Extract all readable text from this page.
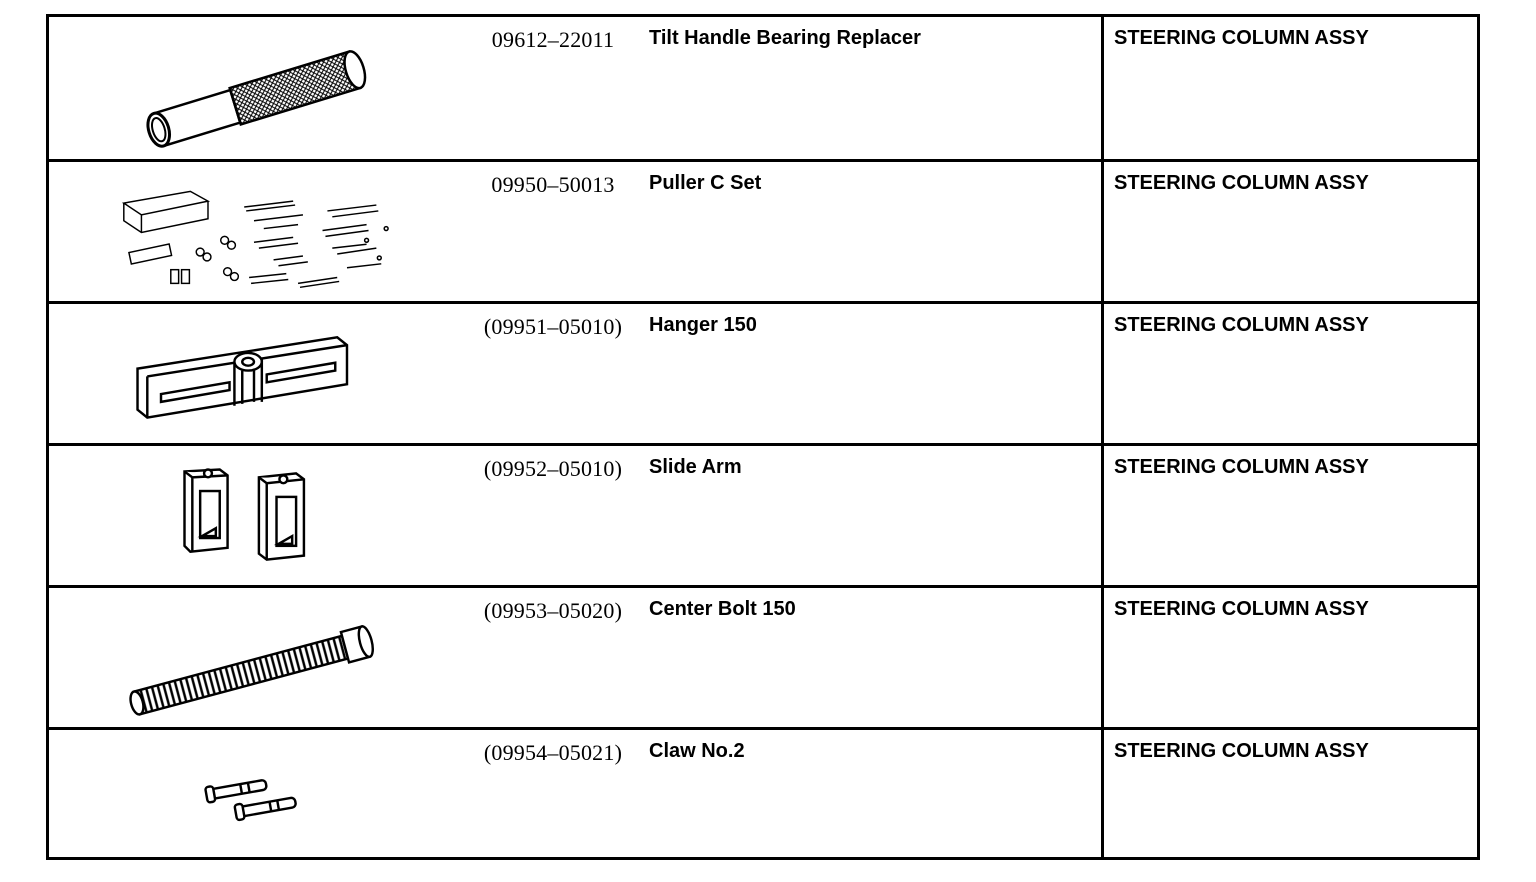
09612–22011	Tilt Handle Bearing Replacer	STEERING COLUMN ASSY
09950–50013	Puller C Set	STEERING COLUMN ASSY
(09951–05010)	Hanger 150	STEERING COLUMN ASSY
(09952–05010)	Slide Arm	STEERING COLUMN ASSY
(09953–05020)	Center Bolt 150	STEERING COLUMN ASSY
(09954–05021)	Claw No.2	STEERING COLUMN ASSY
